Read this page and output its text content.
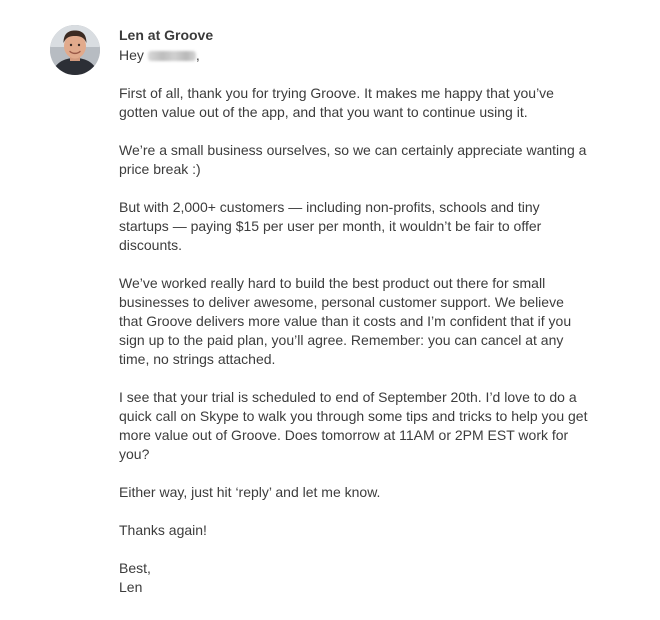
Len at Groove

Hey	,

First of all, thank you for trying Groove. It makes me happy that you’ve gotten value out of the app, and that you want to continue using it.

We’re a small business ourselves, so we can certainly appreciate wanting a price break :)

But with 2,000+ customers — including non-profits, schools and tiny startups — paying $15 per user per month, it wouldn’t be fair to offer discounts.

We’ve worked really hard to build the best product out there for small businesses to deliver awesome, personal customer support. We believe that Groove delivers more value than it costs and I’m confident that if you sign up to the paid plan, you’ll agree. Remember: you can cancel at any time, no strings attached.

I see that your trial is scheduled to end of September 20th. I’d love to do a quick call on Skype to walk you through some tips and tricks to help you get more value out of Groove. Does tomorrow at 11AM or 2PM EST work for you?

Either way, just hit ‘reply’ and let me know.

Thanks again!

Best,
Len
